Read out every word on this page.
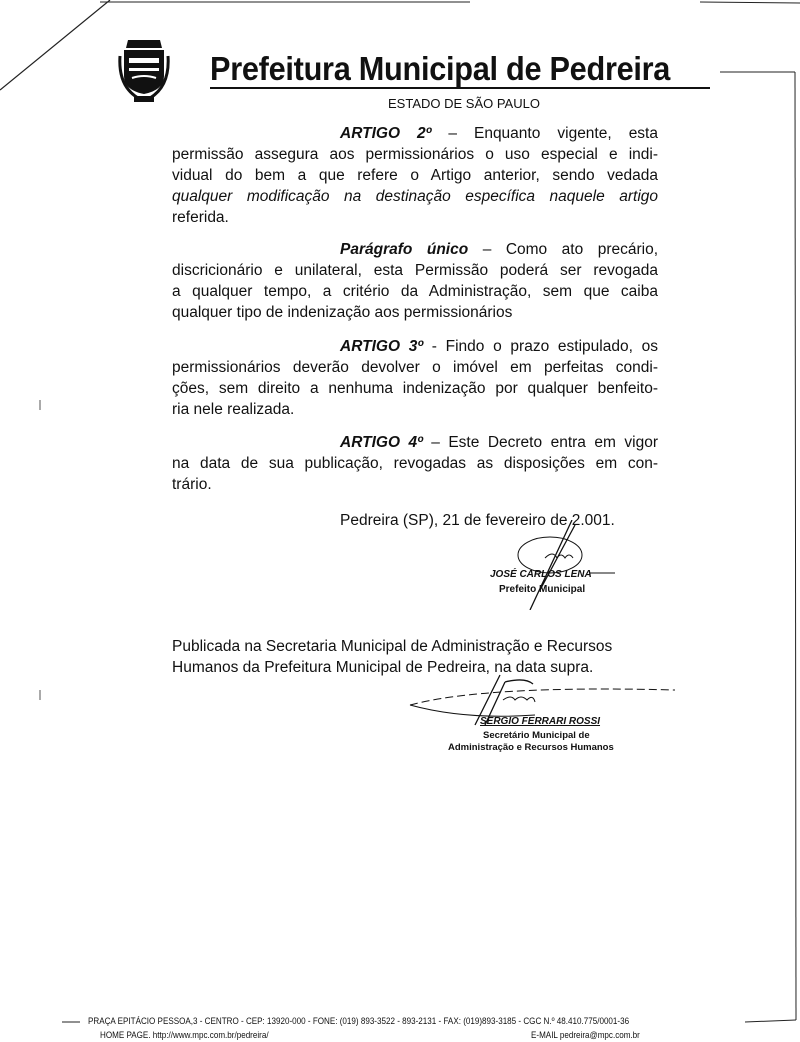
Prefeitura Municipal de Pedreira
ESTADO DE SÃO PAULO
ARTIGO 2º – Enquanto vigente, esta
permissão assegura aos permissionários o uso especial e indi-
vidual do bem a que refere o Artigo anterior, sendo vedada
qualquer modificação na destinação específica naquele artigo
referida.
Parágrafo único – Como ato precário,
discricionário e unilateral, esta Permissão poderá ser revogada
a qualquer tempo, a critério da Administração, sem que caiba
qualquer tipo de indenização aos permissionários
ARTIGO 3º - Findo o prazo estipulado, os
permissionários deverão devolver o imóvel em perfeitas condi-
ções, sem direito a nenhuma indenização por qualquer benfeito-
ria nele realizada.
ARTIGO 4º – Este Decreto entra em vigor
na data de sua publicação, revogadas as disposições em con-
trário.
Pedreira (SP), 21 de fevereiro de 2.001.
JOSÉ CARLOS LENA
Prefeito Municipal
Publicada na Secretaria Municipal de Administração e Recursos
Humanos da Prefeitura Municipal de Pedreira, na data supra.
SERGIO FERRARI ROSSI
Secretário Municipal de
Administração e Recursos Humanos
PRAÇA EPITÁCIO PESSOA,3 - CENTRO - CEP: 13920-000 - FONE: (019) 893-3522 - 893-2131 - FAX: (019)893-3185 - CGC N.º 48.410.775/0001-36
HOME PAGE. http://www.mpc.com.br/pedreira/	E-MAIL pedreira@mpc.com.br
